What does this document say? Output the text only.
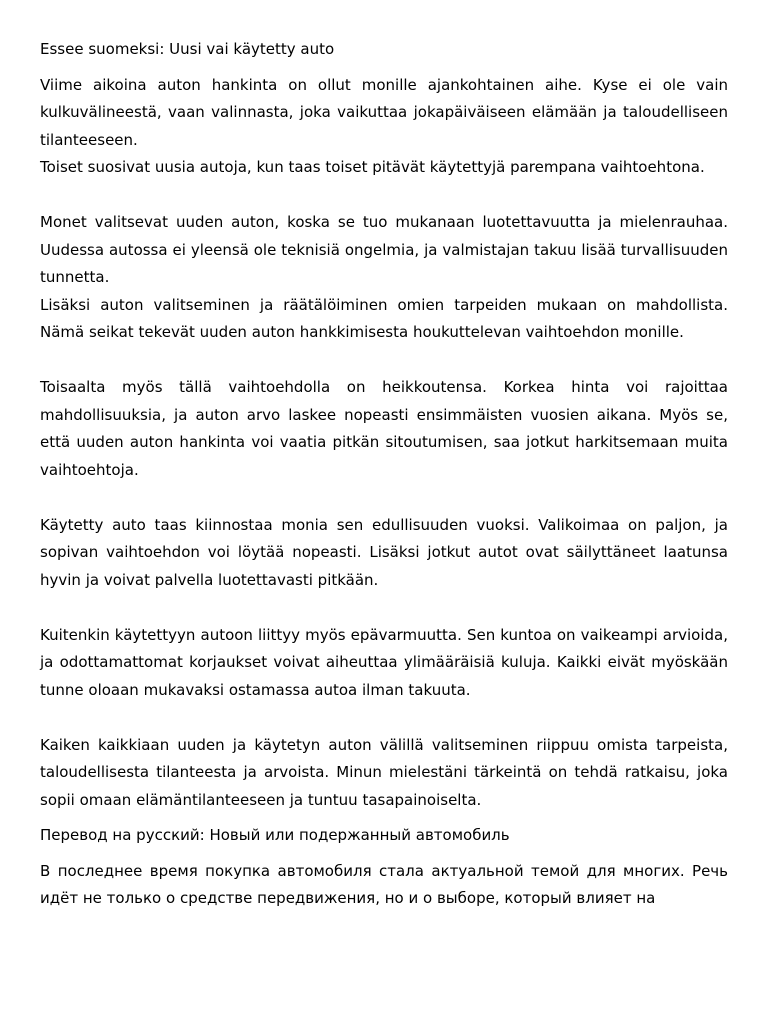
Essee suomeksi: Uusi vai käytetty auto

Viime aikoina auton hankinta on ollut monille ajankohtainen aihe. Kyse ei ole vain kulkuvälineestä, vaan valinnasta, joka vaikuttaa jokapäiväiseen elämään ja taloudelliseen tilanteeseen.

Toiset suosivat uusia autoja, kun taas toiset pitävät käytettyjä parempana vaihtoehtona.

Monet valitsevat uuden auton, koska se tuo mukanaan luotettavuutta ja mielenrauhaa. Uudessa autossa ei yleensä ole teknisiä ongelmia, ja valmistajan takuu lisää turvallisuuden tunnetta.

Lisäksi auton valitseminen ja räätälöiminen omien tarpeiden mukaan on mahdollista. Nämä seikat tekevät uuden auton hankkimisesta houkuttelevan vaihtoehdon monille.

Toisaalta myös tällä vaihtoehdolla on heikkoutensa. Korkea hinta voi rajoittaa mahdollisuuksia, ja auton arvo laskee nopeasti ensimmäisten vuosien aikana. Myös se, että uuden auton hankinta voi vaatia pitkän sitoutumisen, saa jotkut harkitsemaan muita vaihtoehtoja.

Käytetty auto taas kiinnostaa monia sen edullisuuden vuoksi. Valikoimaa on paljon, ja sopivan vaihtoehdon voi löytää nopeasti. Lisäksi jotkut autot ovat säilyttäneet laatunsa hyvin ja voivat palvella luotettavasti pitkään.

Kuitenkin käytettyyn autoon liittyy myös epävarmuutta. Sen kuntoa on vaikeampi arvioida, ja odottamattomat korjaukset voivat aiheuttaa ylimääräisiä kuluja. Kaikki eivät myöskään tunne oloaan mukavaksi ostamassa autoa ilman takuuta.

Kaiken kaikkiaan uuden ja käytetyn auton välillä valitseminen riippuu omista tarpeista, taloudellisesta tilanteesta ja arvoista. Minun mielestäni tärkeintä on tehdä ratkaisu, joka sopii omaan elämäntilanteeseen ja tuntuu tasapainoiselta.

Перевод на русский: Новый или подержанный автомобиль

В последнее время покупка автомобиля стала актуальной темой для многих. Речь идёт не только о средстве передвижения, но и о выборе, который влияет на
